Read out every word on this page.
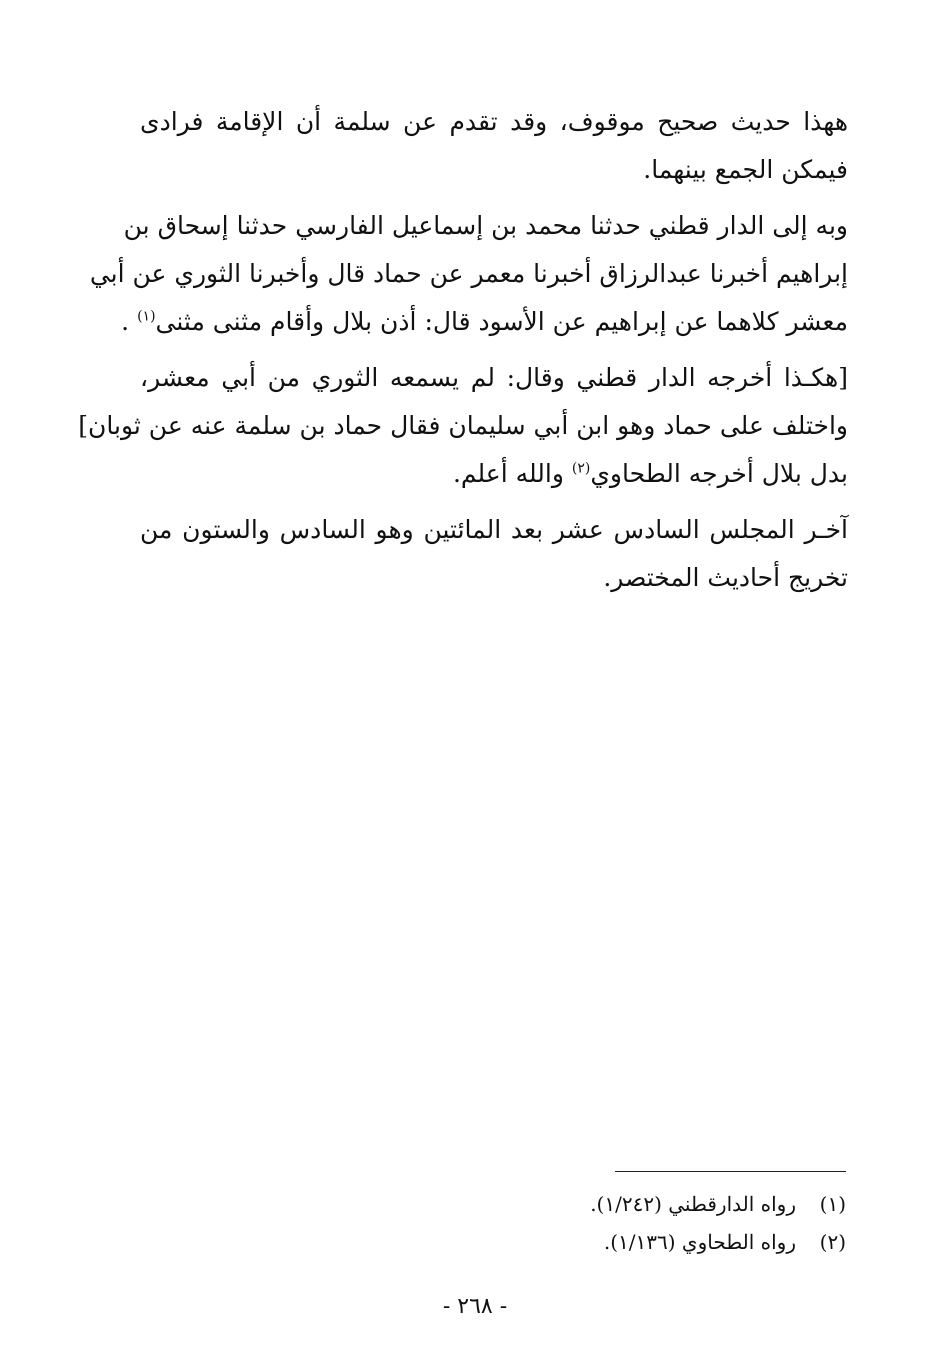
ههذا حديث صحيح موقوف، وقد تقدم عن سلمة أن الإقامة فرادى
فيمكن الجمع بينهما.

وبه إلى الدار قطني حدثنا محمد بن إسماعيل الفارسي حدثنا إسحاق بن
إبراهيم أخبرنا عبدالرزاق أخبرنا معمر عن حماد قال وأخبرنا الثوري عن أبي
معشر كلاهما عن إبراهيم عن الأسود قال: أذن بلال وأقام مثنى مثنى$^{(١)}$ .

[هكـذا أخرجه الدار قطني وقال: لم يسمعه الثوري من أبي معشر،
واختلف على حماد وهو ابن أبي سليمان فقال حماد بن سلمة عنه عن ثوبان]
بدل بلال أخرجه الطحاوي$^{(٢)}$ والله أعلم.

آخـر المجلس السادس عشر بعد المائتين وهو السادس والستون من
تخريج أحاديث المختصر.

(١)رواه الدارقطني (١/٢٤٢).
(٢)رواه الطحاوي (١/١٣٦).
- ٢٦٨ -
